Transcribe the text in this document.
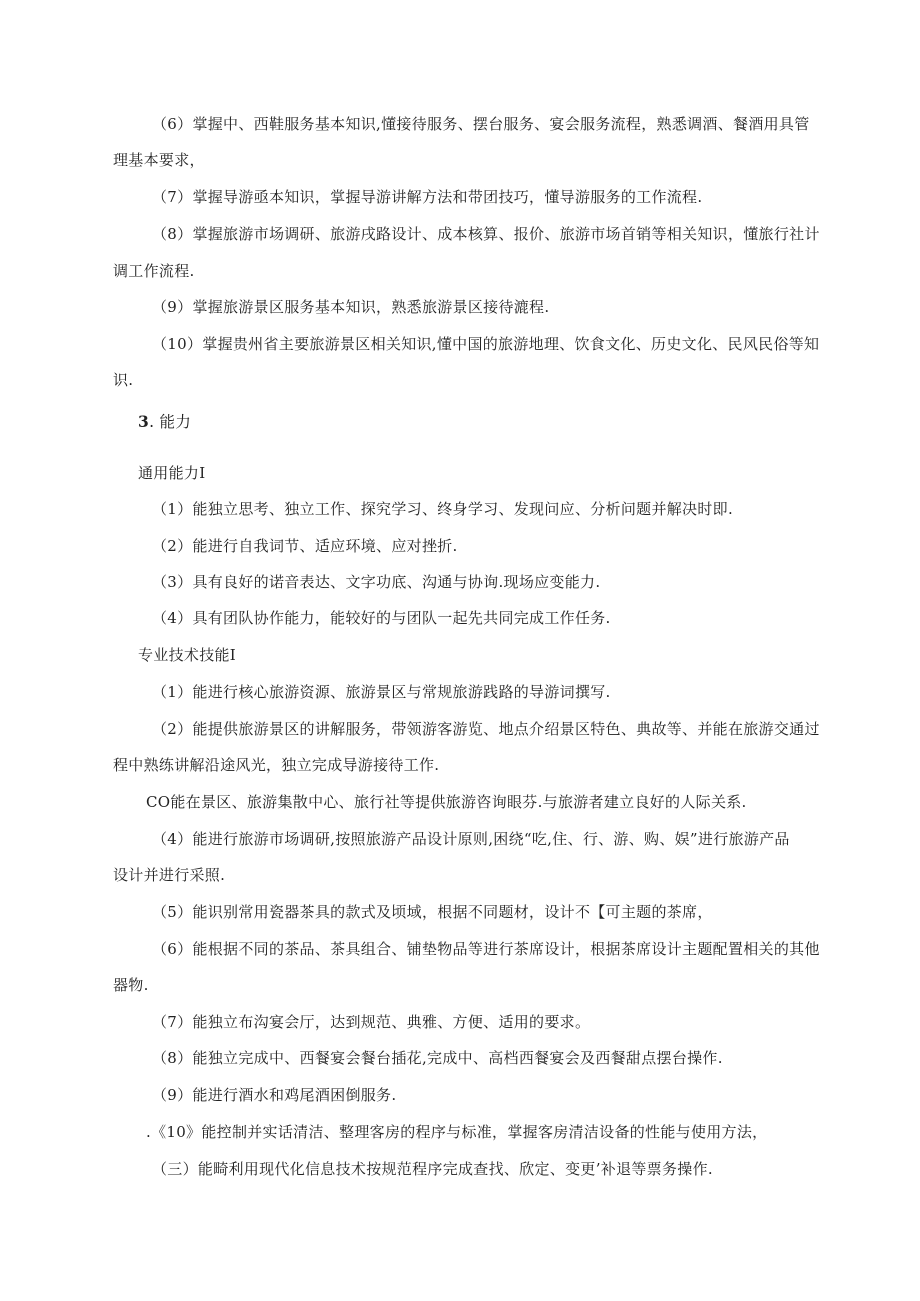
（6）掌握中、西鞋服务基本知识,懂接待服务、摆台服务、宴会服务流程，熟悉调酒、餐酒用具管
理基本要求，
（7）掌握导游亟本知识，掌握导游讲解方法和带团技巧，懂导游服务的工作流程.
（8）掌握旅游市场调研、旅游戌路设计、成本核算、报价、旅游市场首销等相关知识，懂旅行社计
调工作流程.
（9）掌握旅游景区服务基本知识，熟悉旅游景区接待漉程.
（10）掌握贵州省主要旅游景区相关知识,懂中国的旅游地理、饮食文化、历史文化、民风民俗等知
识.
3. 能力
通用能力I
（1）能独立思考、独立工作、探究学习、终身学习、发现问应、分析问题并解决时即.
（2）能进行自我词节、适应环境、应对挫折.
（3）具有良好的诺音表达、文字功底、沟通与协询.现场应变能力.
（4）具有团队协作能力，能较好的与团队一起先共同完成工作任务.
专业技术技能I
（1）能进行核心旅游资源、旅游景区与常规旅游践路的导游词撰写.
（2）能提供旅游景区的讲解服务，带领游客游览、地点介绍景区特色、典故等、并能在旅游交通过
程中熟练讲解沿途风光，独立完成导游接待工作.
CO能在景区、旅游集散中心、旅行社等提供旅游咨询眼芬.与旅游者建立良好的人际关系.
（4）能进行旅游市场调研,按照旅游产品设计原则,困绕“吃,住、行、游、购、娱”进行旅游产品
设计并进行采照.
（5）能识别常用瓷器茶具的款式及顷域，根据不同题材，设计不【可主题的茶席，
（6）能根据不同的茶品、茶具组合、铺垫物品等进行茶席设计，根据茶席设计主题配置相关的其他
器物.
（7）能独立布沟宴会厅，达到规范、典雅、方便、适用的要求。
（8）能独立完成中、西餐宴会餐台插花,完成中、高档西餐宴会及西餐甜点摆台操作.
（9）能进行酒水和鸡尾酒困倒服务.
.《10》能控制并实话清洁、整理客房的程序与标准，掌握客房清洁设备的性能与使用方法，
（三）能畸利用现代化信息技术按规范程序完成查找、欣定、变更’补退等票务操作.
